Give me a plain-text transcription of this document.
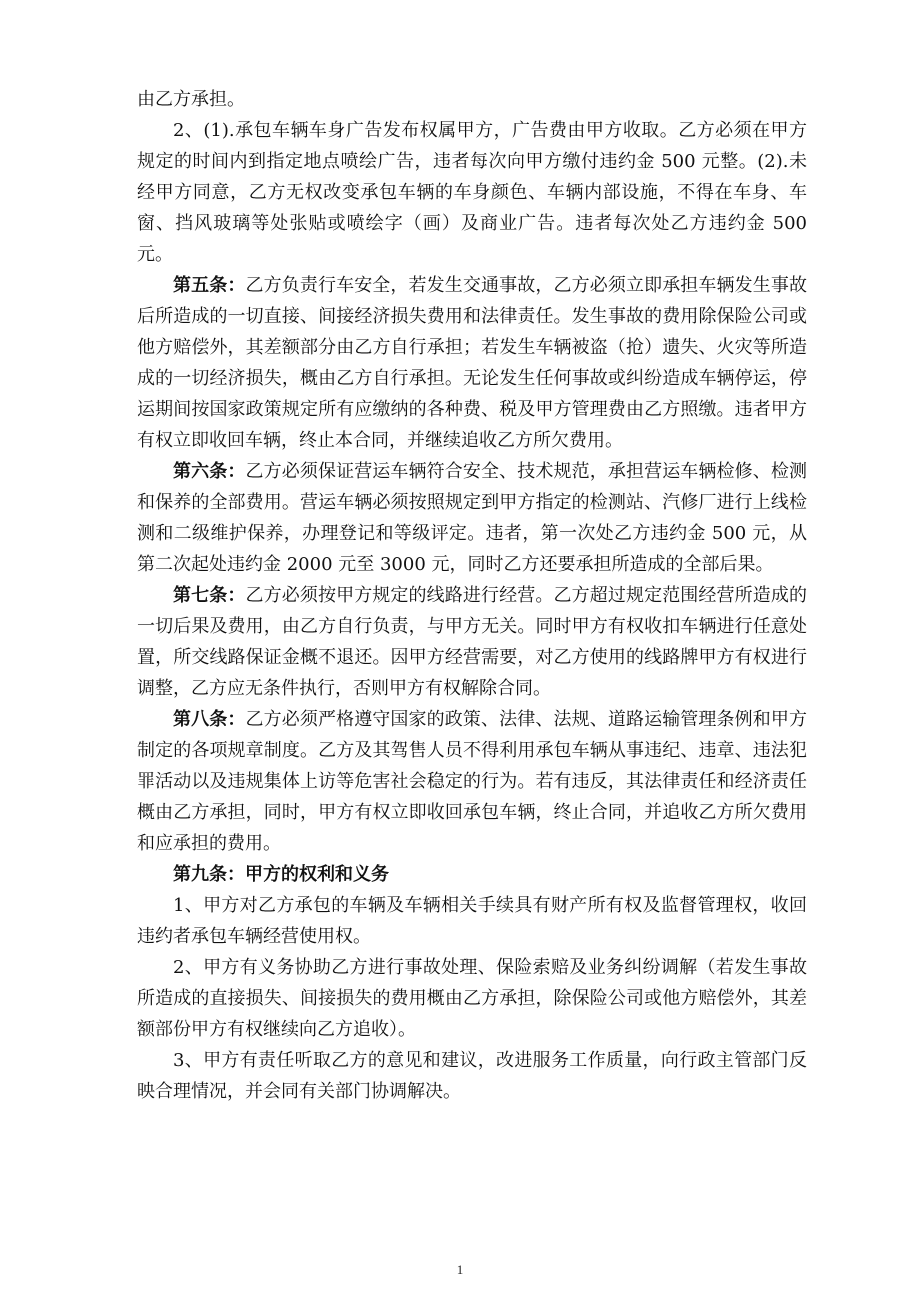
由乙方承担。

2、(1).承包车辆车身广告发布权属甲方，广告费由甲方收取。乙方必须在甲方规定的时间内到指定地点喷绘广告，违者每次向甲方缴付违约金 500 元整。(2).未经甲方同意，乙方无权改变承包车辆的车身颜色、车辆内部设施，不得在车身、车窗、挡风玻璃等处张贴或喷绘字（画）及商业广告。违者每次处乙方违约金 500 元。

第五条：乙方负责行车安全，若发生交通事故，乙方必须立即承担车辆发生事故后所造成的一切直接、间接经济损失费用和法律责任。发生事故的费用除保险公司或他方赔偿外，其差额部分由乙方自行承担；若发生车辆被盗（抢）遗失、火灾等所造成的一切经济损失，概由乙方自行承担。无论发生任何事故或纠纷造成车辆停运，停运期间按国家政策规定所有应缴纳的各种费、税及甲方管理费由乙方照缴。违者甲方有权立即收回车辆，终止本合同，并继续追收乙方所欠费用。

第六条：乙方必须保证营运车辆符合安全、技术规范，承担营运车辆检修、检测和保养的全部费用。营运车辆必须按照规定到甲方指定的检测站、汽修厂进行上线检测和二级维护保养，办理登记和等级评定。违者，第一次处乙方违约金 500 元，从第二次起处违约金 2000 元至 3000 元，同时乙方还要承担所造成的全部后果。

第七条：乙方必须按甲方规定的线路进行经营。乙方超过规定范围经营所造成的一切后果及费用，由乙方自行负责，与甲方无关。同时甲方有权收扣车辆进行任意处置，所交线路保证金概不退还。因甲方经营需要，对乙方使用的线路牌甲方有权进行调整，乙方应无条件执行，否则甲方有权解除合同。

第八条：乙方必须严格遵守国家的政策、法律、法规、道路运输管理条例和甲方制定的各项规章制度。乙方及其驾售人员不得利用承包车辆从事违纪、违章、违法犯罪活动以及违规集体上访等危害社会稳定的行为。若有违反，其法律责任和经济责任概由乙方承担，同时，甲方有权立即收回承包车辆，终止合同，并追收乙方所欠费用和应承担的费用。

第九条：甲方的权利和义务

1、甲方对乙方承包的车辆及车辆相关手续具有财产所有权及监督管理权，收回违约者承包车辆经营使用权。

2、甲方有义务协助乙方进行事故处理、保险索赔及业务纠纷调解（若发生事故所造成的直接损失、间接损失的费用概由乙方承担，除保险公司或他方赔偿外，其差额部份甲方有权继续向乙方追收）。

3、甲方有责任听取乙方的意见和建议，改进服务工作质量，向行政主管部门反映合理情况，并会同有关部门协调解决。

1
